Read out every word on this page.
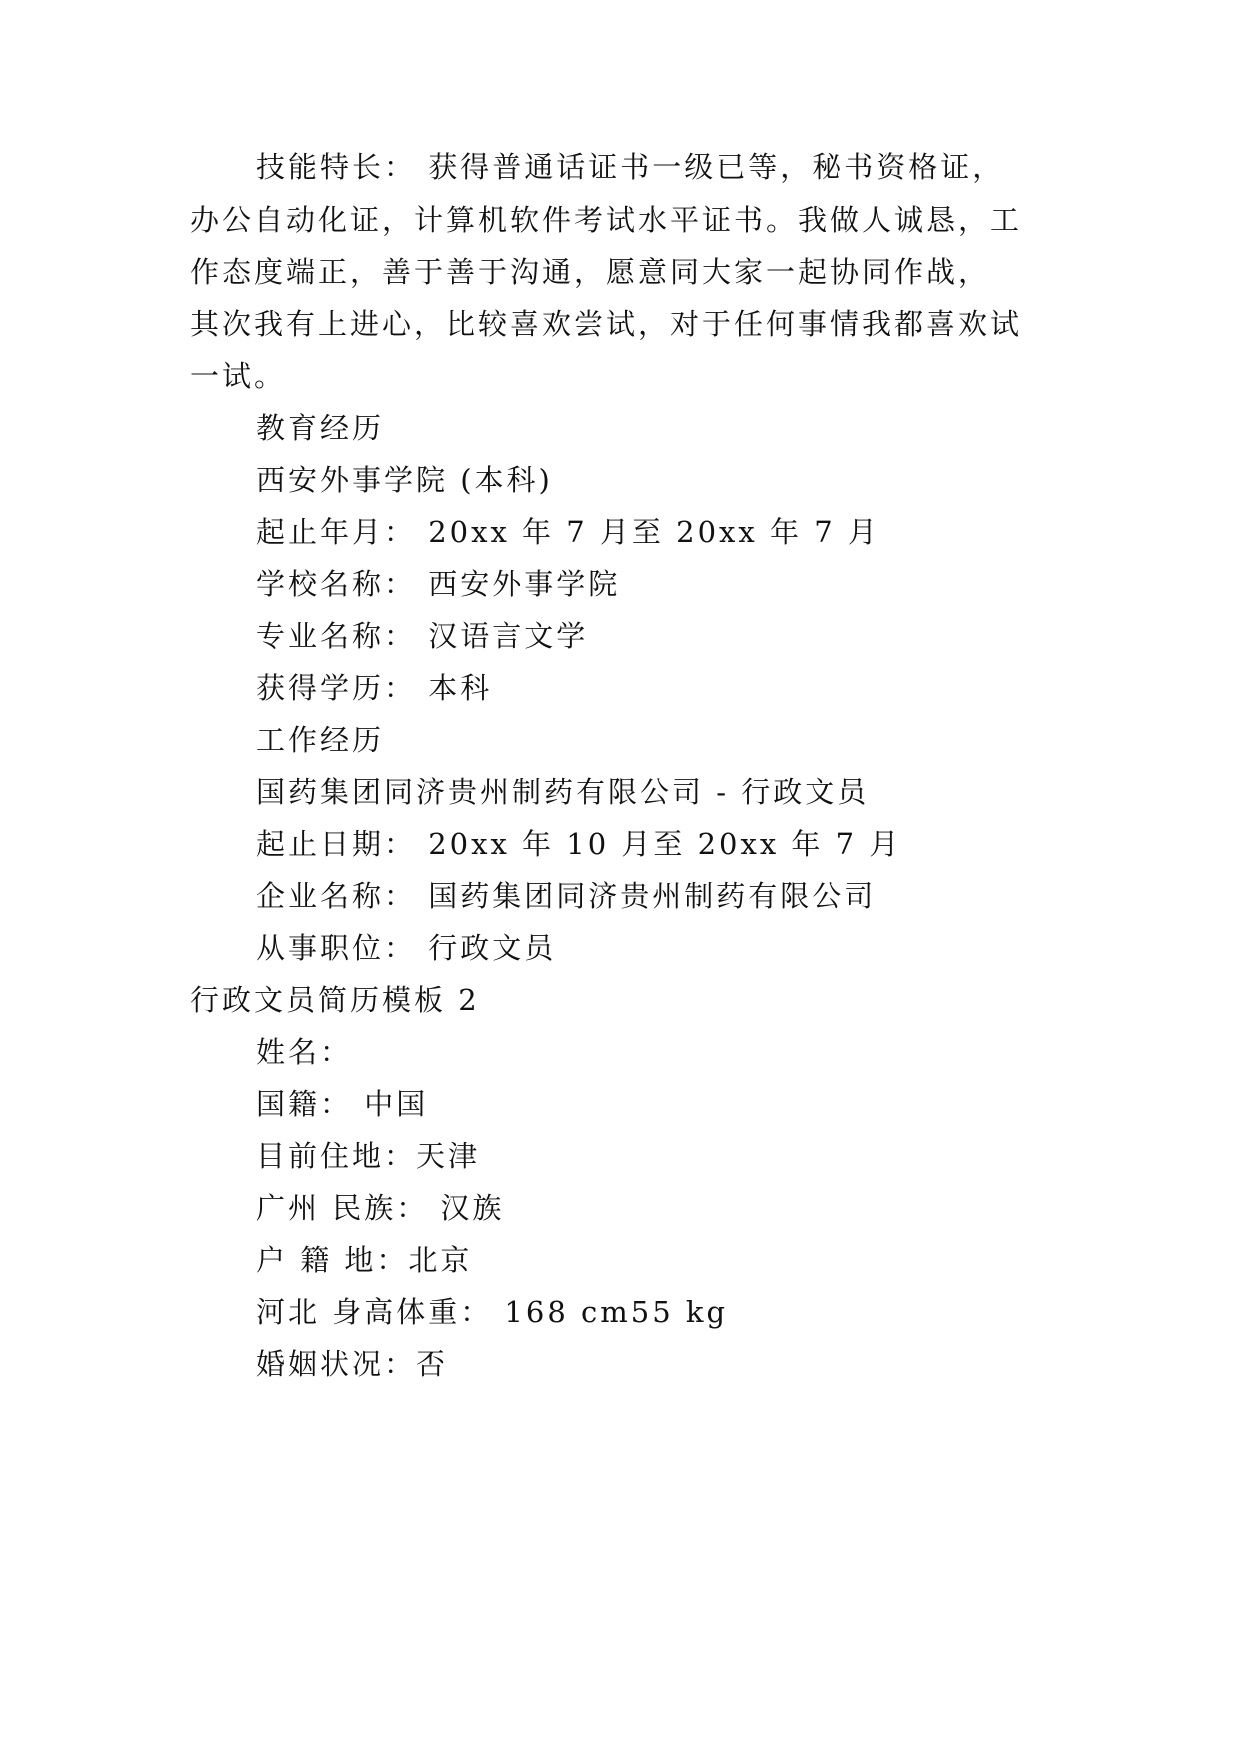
技能特长： 获得普通话证书一级已等，秘书资格证，
办公自动化证，计算机软件考试水平证书。我做人诚恳，工
作态度端正，善于善于沟通，愿意同大家一起协同作战，
其次我有上进心，比较喜欢尝试，对于任何事情我都喜欢试
一试。
教育经历
西安外事学院 (本科)
起止年月： 20xx 年 7 月至 20xx 年 7 月
学校名称： 西安外事学院
专业名称： 汉语言文学
获得学历： 本科
工作经历
国药集团同济贵州制药有限公司 - 行政文员
起止日期： 20xx 年 10 月至 20xx 年 7 月
企业名称： 国药集团同济贵州制药有限公司
从事职位： 行政文员
行政文员简历模板 2
姓名：
国籍： 中国
目前住地：天津
广州 民族： 汉族
户 籍 地：北京
河北 身高体重： 168 cm55 kg
婚姻状况：否
